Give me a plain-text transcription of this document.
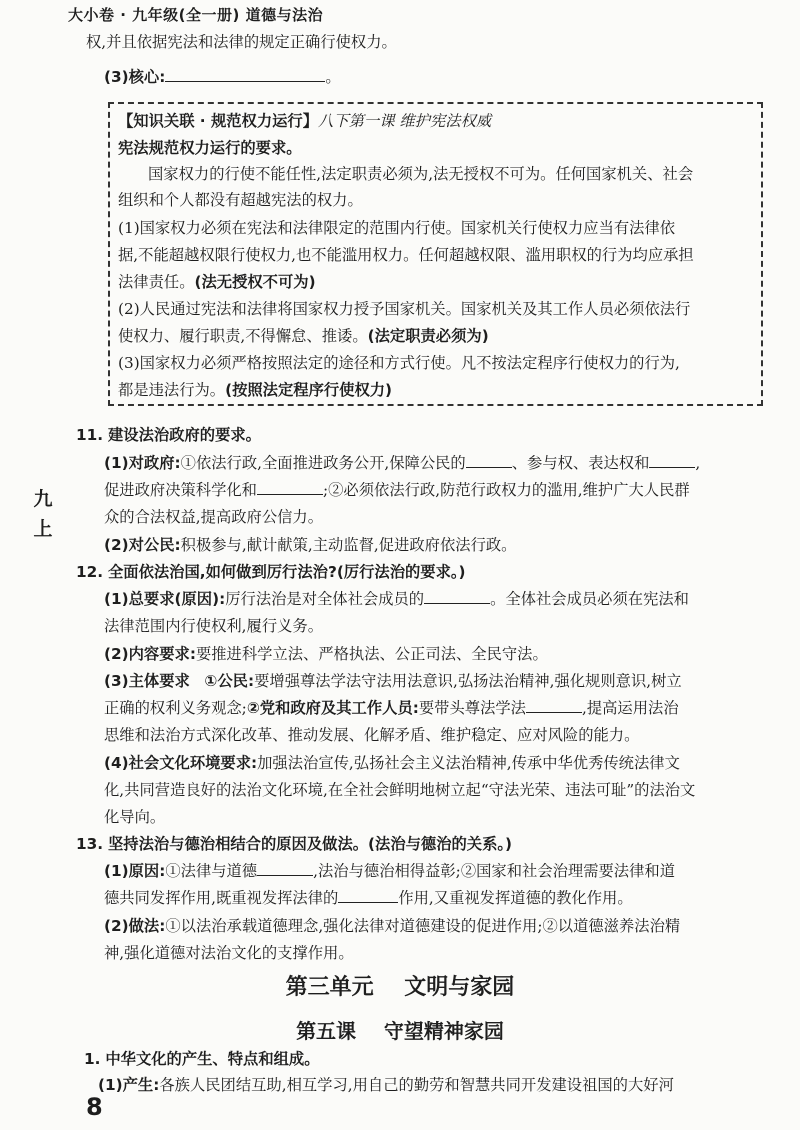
大小卷 · 九年级(全一册) 道德与法治
九上
权,并且依据宪法和法律的规定正确行使权力。
(3)核心:	。
【知识关联 · 规范权力运行】八下第一课 维护宪法权威
宪法规范权力运行的要求。
国家权力的行使不能任性,法定职责必须为,法无授权不可为。任何国家机关、社会
组织和个人都没有超越宪法的权力。
(1)国家权力必须在宪法和法律限定的范围内行使。国家机关行使权力应当有法律依
据,不能超越权限行使权力,也不能滥用权力。任何超越权限、滥用职权的行为均应承担
法律责任。(法无授权不可为)
(2)人民通过宪法和法律将国家权力授予国家机关。国家机关及其工作人员必须依法行
使权力、履行职责,不得懈怠、推诿。(法定职责必须为)
(3)国家权力必须严格按照法定的途径和方式行使。凡不按法定程序行使权力的行为,
都是违法行为。(按照法定程序行使权力)
11. 建设法治政府的要求。
(1)对政府:①依法行政,全面推进政务公开,保障公民的	、参与权、表达权和	,
促进政府决策科学化和	;②必须依法行政,防范行政权力的滥用,维护广大人民群
众的合法权益,提高政府公信力。
(2)对公民:积极参与,献计献策,主动监督,促进政府依法行政。
12. 全面依法治国,如何做到厉行法治?(厉行法治的要求。)
(1)总要求(原因):厉行法治是对全体社会成员的	。全体社会成员必须在宪法和
法律范围内行使权利,履行义务。
(2)内容要求:要推进科学立法、严格执法、公正司法、全民守法。
(3)主体要求 ①公民:要增强尊法学法守法用法意识,弘扬法治精神,强化规则意识,树立
正确的权利义务观念;②党和政府及其工作人员:要带头尊法学法	,提高运用法治
思维和法治方式深化改革、推动发展、化解矛盾、维护稳定、应对风险的能力。
(4)社会文化环境要求:加强法治宣传,弘扬社会主义法治精神,传承中华优秀传统法律文
化,共同营造良好的法治文化环境,在全社会鲜明地树立起“守法光荣、违法可耻”的法治文
化导向。
13. 坚持法治与德治相结合的原因及做法。(法治与德治的关系。)
(1)原因:①法律与道德	,法治与德治相得益彰;②国家和社会治理需要法律和道
德共同发挥作用,既重视发挥法律的	作用,又重视发挥道德的教化作用。
(2)做法:①以法治承载道德理念,强化法律对道德建设的促进作用;②以道德滋养法治精
神,强化道德对法治文化的支撑作用。
第三单元    文明与家园
第五课    守望精神家园
1. 中华文化的产生、特点和组成。
(1)产生:各族人民团结互助,相互学习,用自己的勤劳和智慧共同开发建设祖国的大好河
8
